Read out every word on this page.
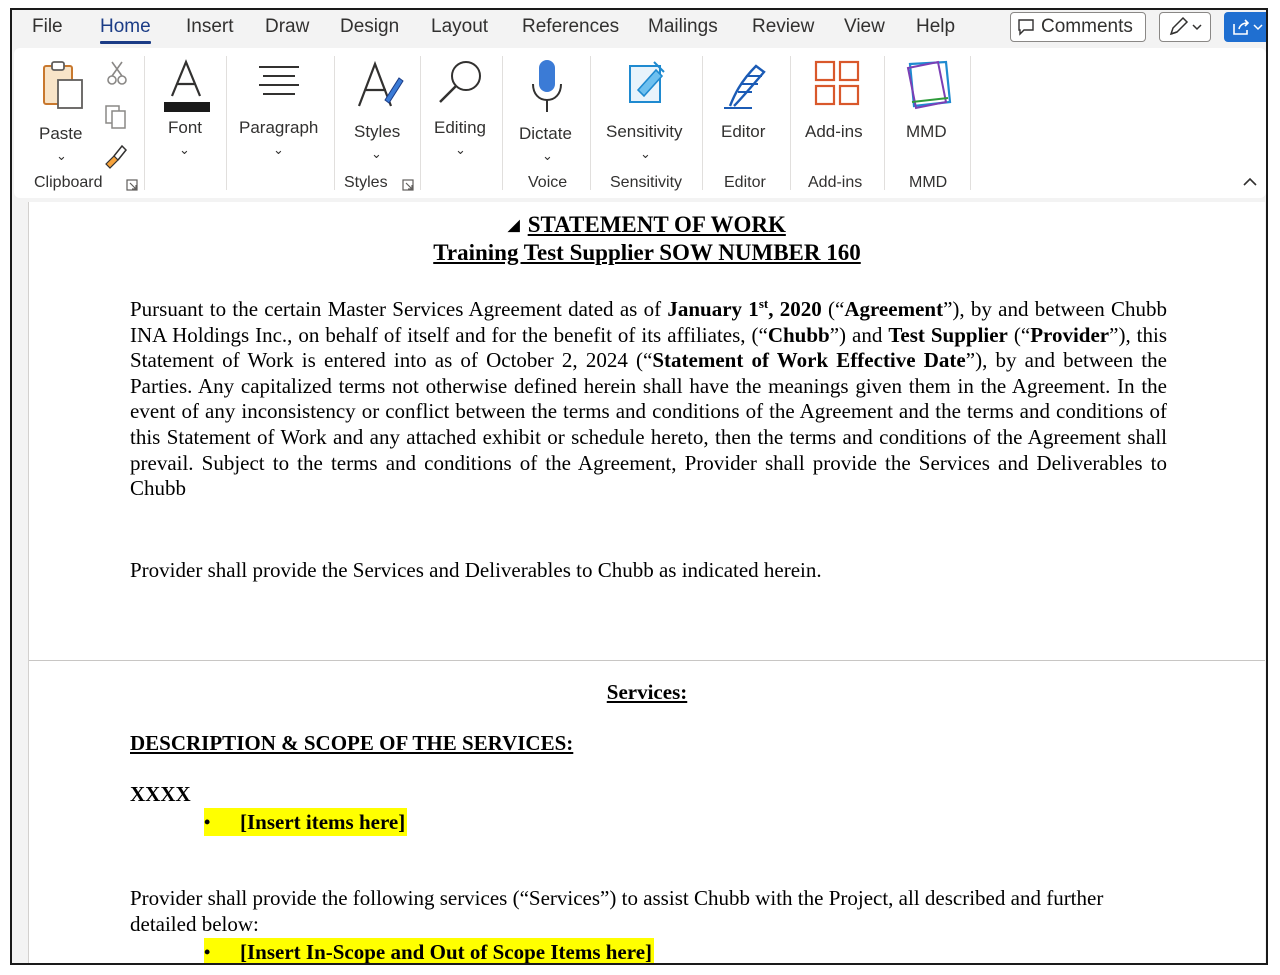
File Home Insert Draw Design Layout References Mailings Review View Help	Comments
Paste
⌄
Clipboard
Font
⌄
Paragraph
⌄
Styles
⌄
Styles
Editing
⌄
Dictate
⌄
Voice
Sensitivity
⌄
Sensitivity
Editor
Editor
Add-ins
Add-ins
MMD
MMD
◢ STATEMENT OF WORK
Training Test Supplier SOW NUMBER 160
Pursuant to the certain Master Services Agreement dated as of January 1st, 2020 (“Agreement”), by and between Chubb INA Holdings Inc., on behalf of itself and for the benefit of its affiliates, (“Chubb”) and Test Supplier (“Provider”), this Statement of Work is entered into as of October 2, 2024 (“Statement of Work Effective Date”), by and between the Parties. Any capitalized terms not otherwise defined herein shall have the meanings given them in the Agreement. In the event of any inconsistency or conflict between the terms and conditions of the Agreement and the terms and conditions of this Statement of Work and any attached exhibit or schedule hereto, then the terms and conditions of the Agreement shall prevail. Subject to the terms and conditions of the Agreement, Provider shall provide the Services and Deliverables to Chubb
Provider shall provide the Services and Deliverables to Chubb as indicated herein.
Services:
DESCRIPTION & SCOPE OF THE SERVICES:
XXXX
•	[Insert items here]
Provider shall provide the following services (“Services”) to assist Chubb with the Project, all described and further detailed below:
•	[Insert In-Scope and Out of Scope Items here]
